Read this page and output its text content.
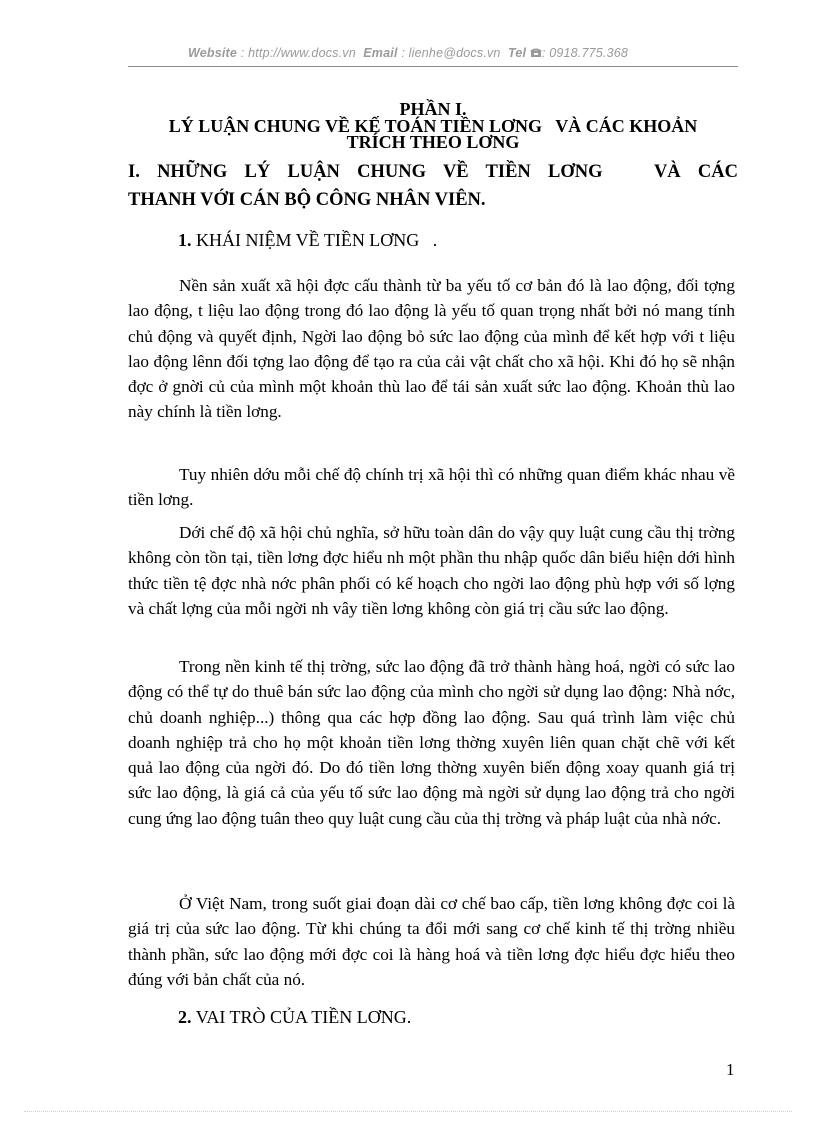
Website : http://www.docs.vn Email : lienhe@docs.vn Tel : 0918.775.368
PHẦN I.
LÝ LUẬN CHUNG VỀ KẾ TOÁN TIỀN LƠNG   VÀ CÁC KHOẢN
TRÍCH THEO LƠNG
I. NHỮNG LÝ LUẬN CHUNG VỀ TIỀN LƠNG   VÀ CÁC
THANH VỚI CÁN BỘ CÔNG NHÂN VIÊN.
1. KHÁI NIỆM VỀ TIỀN LƠNG   .
Nền sản xuất xã hội đợc cấu thành từ ba yếu tố cơ bản đó là lao động, đối tợng lao động, t liệu lao động trong đó lao động là yếu tố quan trọng nhất bởi nó mang tính chủ động và quyết định, Ngời lao động bỏ sức lao động của mình để kết hợp với t liệu lao động lênn đối tợng lao động để tạo ra của cải vật chất cho xã hội. Khi đó họ sẽ nhận đợc ở gnời củ của mình một khoản thù lao để tái sản xuất sức lao động. Khoản thù lao này chính là tiền lơng.
Tuy nhiên dớu mỗi chế độ chính trị xã hội thì có những quan điểm khác nhau về tiền lơng.
Dới chế độ xã hội chủ nghĩa, sở hữu toàn dân do vậy quy luật cung cầu thị trờng không còn tồn tại, tiền lơng đợc hiểu nh một phần thu nhập quốc dân biểu hiện dới hình thức tiền tệ đợc nhà nớc phân phối có kế hoạch cho ngời lao động phù hợp với số lợng và chất lợng của mỗi ngời nh vây tiền lơng không còn giá trị cầu sức lao động.
Trong nền kinh tế thị trờng, sức lao động đã trở thành hàng hoá, ngời có sức lao động có thể tự do thuê bán sức lao động của mình cho ngời sử dụng lao động: Nhà nớc, chủ doanh nghiệp...) thông qua các hợp đồng lao động. Sau quá trình làm việc chủ doanh nghiệp trả cho họ một khoản tiền lơng thờng xuyên liên quan chặt chẽ với kết quả lao động của ngời đó. Do đó tiền lơng thờng xuyên biến động xoay quanh giá trị sức lao động, là giá cả của yếu tố sức lao động mà ngời sử dụng lao động trả cho ngời cung ứng lao động tuân theo quy luật cung cầu của thị trờng và pháp luật của nhà nớc.
Ở Việt Nam, trong suốt giai đoạn dài cơ chế bao cấp, tiền lơng không đợc coi là giá trị của sức lao động. Từ khi chúng ta đổi mới sang cơ chế kinh tế thị trờng nhiều thành phần, sức lao động mới đợc coi là hàng hoá và tiền lơng đợc hiểu đợc hiểu theo đúng với bản chất của nó.
2. VAI TRÒ CỦA TIỀN LƠNG.
1
